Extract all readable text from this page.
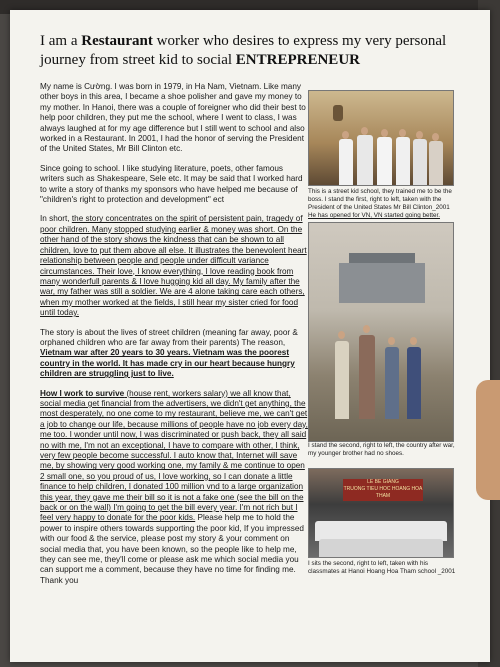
I am a Restaurant worker who desires to express my very personal journey from street kid to social ENTREPRENEUR

My name is Cường. I was born in 1979, in Ha Nam, Vietnam. Like many other boys in this area, I became a shoe polisher and gave my money to my mother. In Hanoi, there was a couple of foreigner who did their best to help poor children, they put me the school, where I went to class, I was always laughed at for my age difference but I still went to school and also worked in a Restaurant. In 2001, I had the honor of serving the President of the United States, Mr Bill Clinton etc.

Since going to school. I like studying literature, poets, other famous writers such as Shakespeare, Sele etc. It may be said that I worked hard to write a story of thanks my sponsors who have helped me because of "children's right to protection and development" ect

In short, the story concentrates on the spirit of persistent pain, tragedy of poor children. Many stopped studying earlier & money was short. On the other hand of the story shows the kindness that can be shown to all children, love to put them above all else. It illustrates the benevolent heart relationship between people and people under difficult variance circumstances. Their love, I know everything, I love reading book from many wonderfull parents & I love hugging kid all day. My family after the war, my father was still a soldier. We are 4 alone taking care each others, when my mother worked at the fields, I still hear my sister cried for food until today.

The story is about the lives of street children (meaning far away, poor & orphaned children who are far away from their parents) The reason, Vietnam war after 20 years to 30 years. Vietnam was the poorest country in the world. It has made cry in our heart because hungry children are struggling just to live.

How I work to survive (house rent, workers salary) we all know that, social media get financial from the advertisers, we didn't get anything, the most desperately, no one come to my restaurant, believe me, we can't get a job to change our life, because millions of people have no job every day, me too. I wonder until now, I was discriminated or push back, they all said no with me, I'm not an exceptional, I have to compare with other, I think, very few people become successful. I auto know that, Internet will save me, by showing very good working one, my family & me continue to open 2 small one, so you proud of us, I love working, so I can donate a little finance to help children, I donated 100 million vnd to a large organization this year, they gave me their bill so it is not a fake one (see the bill on the back or on the wall) I'm going to get the bill every year. I'm not rich but I feel very happy to donate for the poor kids. Please help me to hold the power to inspire others towards supporting the poor kid, If you impressed with our food & the service, please post my story & your comment on social media that, you have been known, so the people like to help me, they can see me, they'll come or please ask me which social media you can support me a comment, because they have no time for finding me. Thank you

This is a street kid school, they trained me to be the boss. I stand the first, right to left, taken with the President of the United States Mr Bill Clinton_2001 He has opened for VN, VN started going better.
I stand the second, right to left, the country after war, my younger brother had no shoes.
LE BE GIANG
TRUONG TIEU HOC HOANG HOA THAM
I sits the second, right to left, taken with his classmates at Hanoi Hoang Hoa Tham school _2001
